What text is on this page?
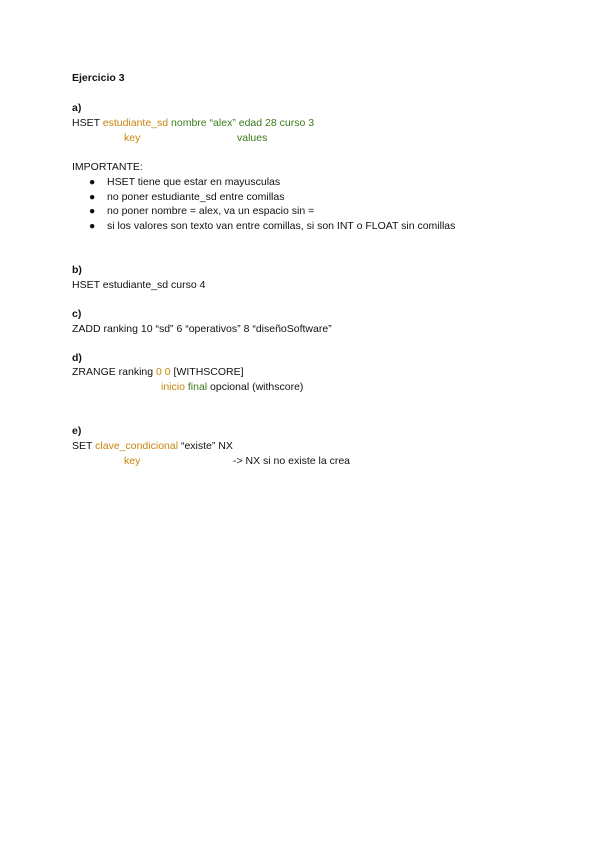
Ejercicio 3
a)
HSET estudiante_sd nombre “alex” edad 28 curso 3
key	values
IMPORTANTE:
● HSET tiene que estar en mayusculas
● no poner estudiante_sd entre comillas
● no poner nombre = alex, va un espacio sin =
● si los valores son texto van entre comillas, si son INT o FLOAT sin comillas
b)
HSET estudiante_sd curso 4
c)
ZADD ranking 10 “sd” 6 “operativos” 8 “diseñoSoftware”
d)
ZRANGE ranking 0 0 [WITHSCORE]
inicio final opcional (withscore)
e)
SET clave_condicional “existe” NX
key	-> NX si no existe la crea
